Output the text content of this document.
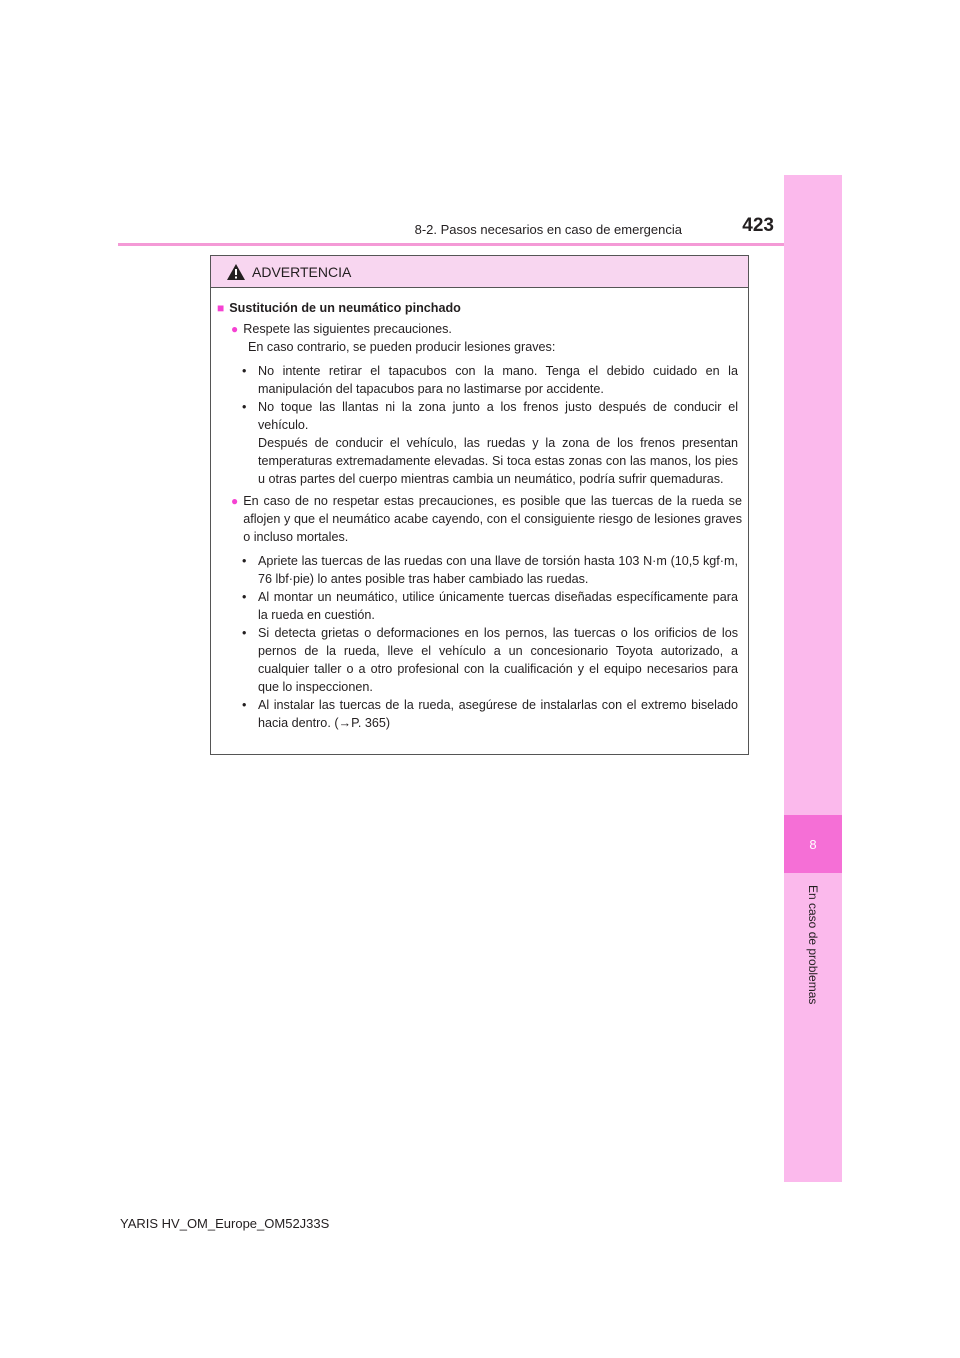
8-2. Pasos necesarios en caso de emergencia	423
8
En caso de problemas
ADVERTENCIA
■ Sustitución de un neumático pinchado
● Respete las siguientes precauciones.
En caso contrario, se pueden producir lesiones graves:
• No intente retirar el tapacubos con la mano. Tenga el debido cuidado en la manipulación del tapacubos para no lastimarse por accidente.
• No toque las llantas ni la zona junto a los frenos justo después de conducir el vehículo.
Después de conducir el vehículo, las ruedas y la zona de los frenos presentan temperaturas extremadamente elevadas. Si toca estas zonas con las manos, los pies u otras partes del cuerpo mientras cambia un neumático, podría sufrir quemaduras.
● En caso de no respetar estas precauciones, es posible que las tuercas de la rueda se aflojen y que el neumático acabe cayendo, con el consiguiente riesgo de lesiones graves o incluso mortales.
• Apriete las tuercas de las ruedas con una llave de torsión hasta 103 N·m (10,5 kgf·m, 76 lbf·pie) lo antes posible tras haber cambiado las ruedas.
• Al montar un neumático, utilice únicamente tuercas diseñadas específicamente para la rueda en cuestión.
• Si detecta grietas o deformaciones en los pernos, las tuercas o los orificios de los pernos de la rueda, lleve el vehículo a un concesionario Toyota autorizado, a cualquier taller o a otro profesional con la cualificación y el equipo necesarios para que lo inspeccionen.
• Al instalar las tuercas de la rueda, asegúrese de instalarlas con el extremo biselado hacia dentro. (→P. 365)
YARIS HV_OM_Europe_OM52J33S
